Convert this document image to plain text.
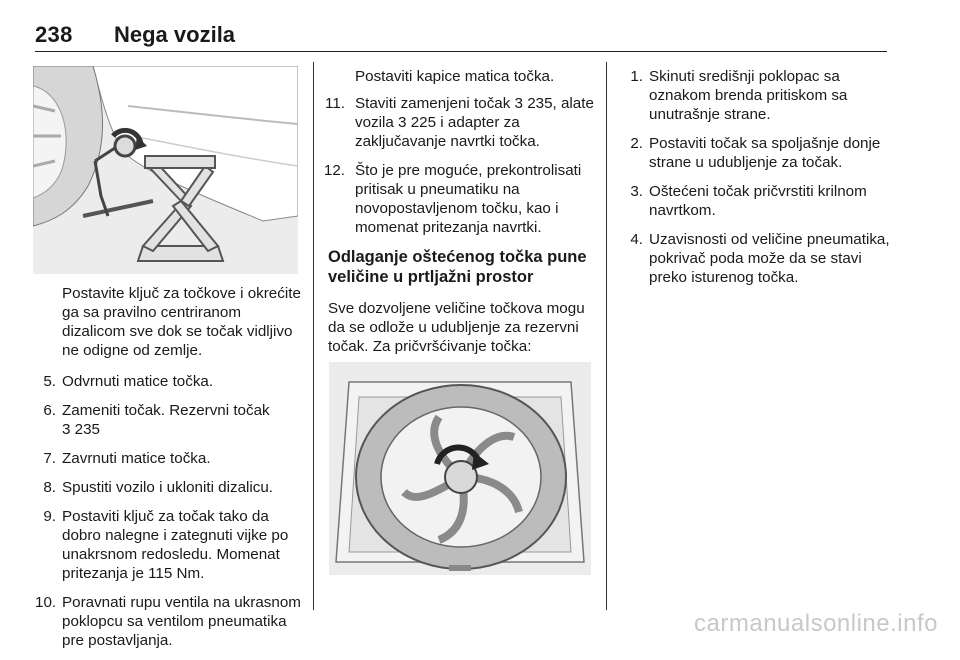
238 Nega vozila

Postavite ključ za točkove i okrećite ga sa pravilno centriranom dizalicom sve dok se točak vidljivo ne odigne od zemlje.

5. Odvrnuti matice točka.
6. Zameniti točak. Rezervni točak
3 235
7. Zavrnuti matice točka.
8. Spustiti vozilo i ukloniti dizalicu.
9. Postaviti ključ za točak tako da dobro nalegne i zategnuti vijke po unakrsnom redosledu. Momenat pritezanja je 115 Nm.
10. Poravnati rupu ventila na ukrasnom poklopcu sa ventilom pneumatika pre postavljanja.

Postaviti kapice matica točka.

11. Staviti zamenjeni točak 3 235, alate vozila 3 225 i adapter za zaključavanje navrtki točka.
12. Što je pre moguće, prekontrolisati pritisak u pneumatiku na novopostavljenom točku, kao i momenat pritezanja navrtki.
Odlaganje oštećenog točka pune veličine u prtljažni prostor

Sve dozvoljene veličine točkova mogu da se odlože u udubljenje za rezervni točak. Za pričvršćivanje točka:

1. Skinuti središnji poklopac sa oznakom brenda pritiskom sa unutrašnje strane.
2. Postaviti točak sa spoljašnje donje strane u udubljenje za točak.
3. Oštećeni točak pričvrstiti krilnom navrtkom.
4. Uzavisnosti od veličine pneumatika, pokrivač poda može da se stavi preko isturenog točka.
carmanualsonline.info
